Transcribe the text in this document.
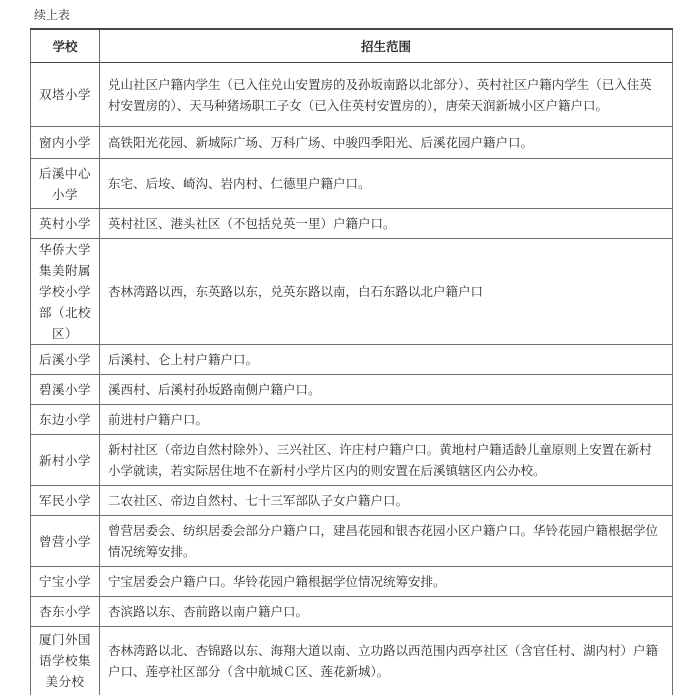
续上表
学校	招生范围
双塔小学	兑山社区户籍内学生（已入住兑山安置房的及孙坂南路以北部分）、英村社区户籍内学生（已入住英村安置房的）、天马种猪场职工子女（已入住英村安置房的），唐荣天润新城小区户籍户口。
窗内小学	高铁阳光花园、新城际广场、万科广场、中骏四季阳光、后溪花园户籍户口。
后溪中心小学	东宅、后垵、崎沟、岩内村、仁德里户籍户口。
英村小学	英村社区、港头社区（不包括兑英一里）户籍户口。
华侨大学集美附属学校小学部（北校区）	杏林湾路以西，东英路以东，兑英东路以南，白石东路以北户籍户口
后溪小学	后溪村、仑上村户籍户口。
碧溪小学	溪西村、后溪村孙坂路南侧户籍户口。
东边小学	前进村户籍户口。
新村小学	新村社区（帝边自然村除外）、三兴社区、许庄村户籍户口。黄地村户籍适龄儿童原则上安置在新村小学就读，若实际居住地不在新村小学片区内的则安置在后溪镇辖区内公办校。
军民小学	二农社区、帝边自然村、七十三军部队子女户籍户口。
曾营小学	曾营居委会、纺织居委会部分户籍户口，建昌花园和银杏花园小区户籍户口。华铃花园户籍根据学位情况统筹安排。
宁宝小学	宁宝居委会户籍户口。华铃花园户籍根据学位情况统筹安排。
杏东小学	杏滨路以东、杏前路以南户籍户口。
厦门外国语学校集美分校	杏林湾路以北、杏锦路以东、海翔大道以南、立功路以西范围内西亭社区（含官任村、湖内村）户籍户口、莲亭社区部分（含中航城Ｃ区、莲花新城）。
